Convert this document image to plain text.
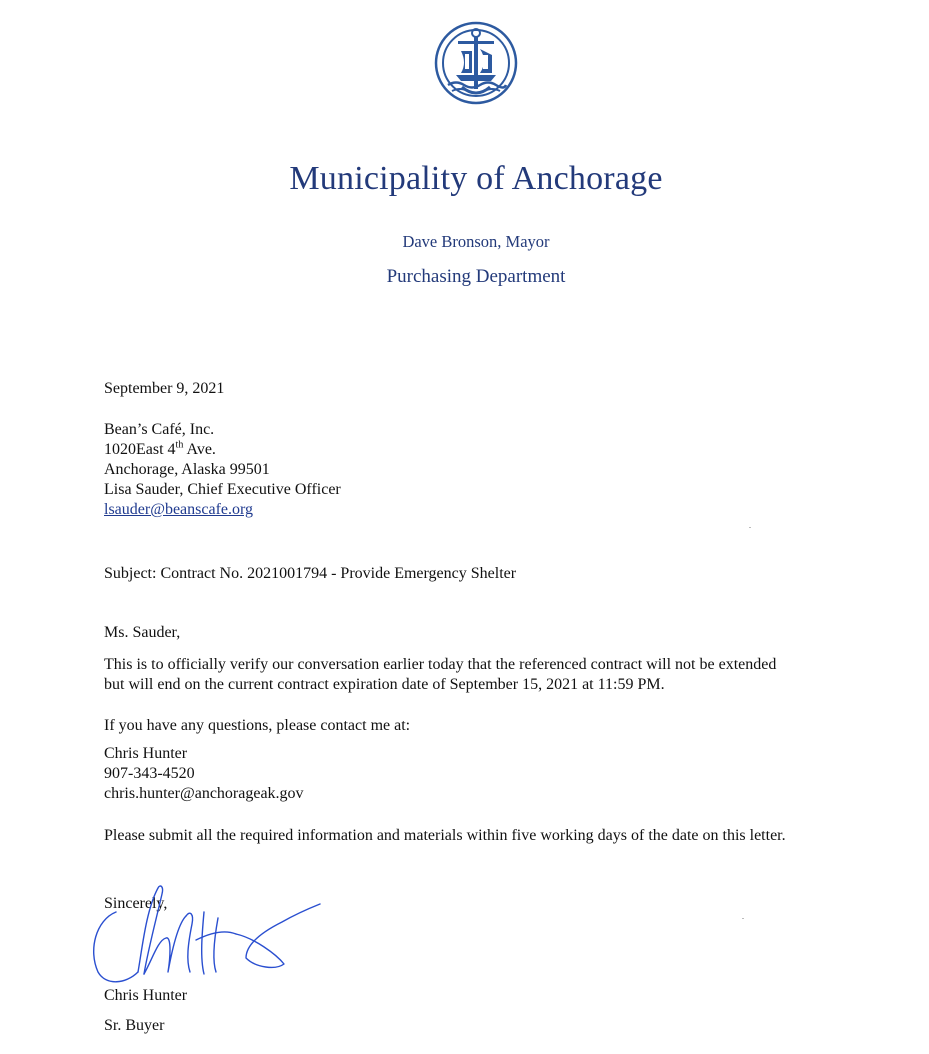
Municipality of Anchorage
Dave Bronson, Mayor
Purchasing Department
September 9, 2021
Bean’s Café, Inc.
1020East 4th Ave.
Anchorage, Alaska 99501
Lisa Sauder, Chief Executive Officer
lsauder@beanscafe.org
Subject: Contract No. 2021001794 - Provide Emergency Shelter
Ms. Sauder,
This is to officially verify our conversation earlier today that the referenced contract will not be extended
but will end on the current contract expiration date of September 15, 2021 at 11:59 PM.
If you have any questions, please contact me at:
Chris Hunter
907-343-4520
chris.hunter@anchorageak.gov
Please submit all the required information and materials within five working days of the date on this letter.
Sincerely,
Chris Hunter
Sr. Buyer
